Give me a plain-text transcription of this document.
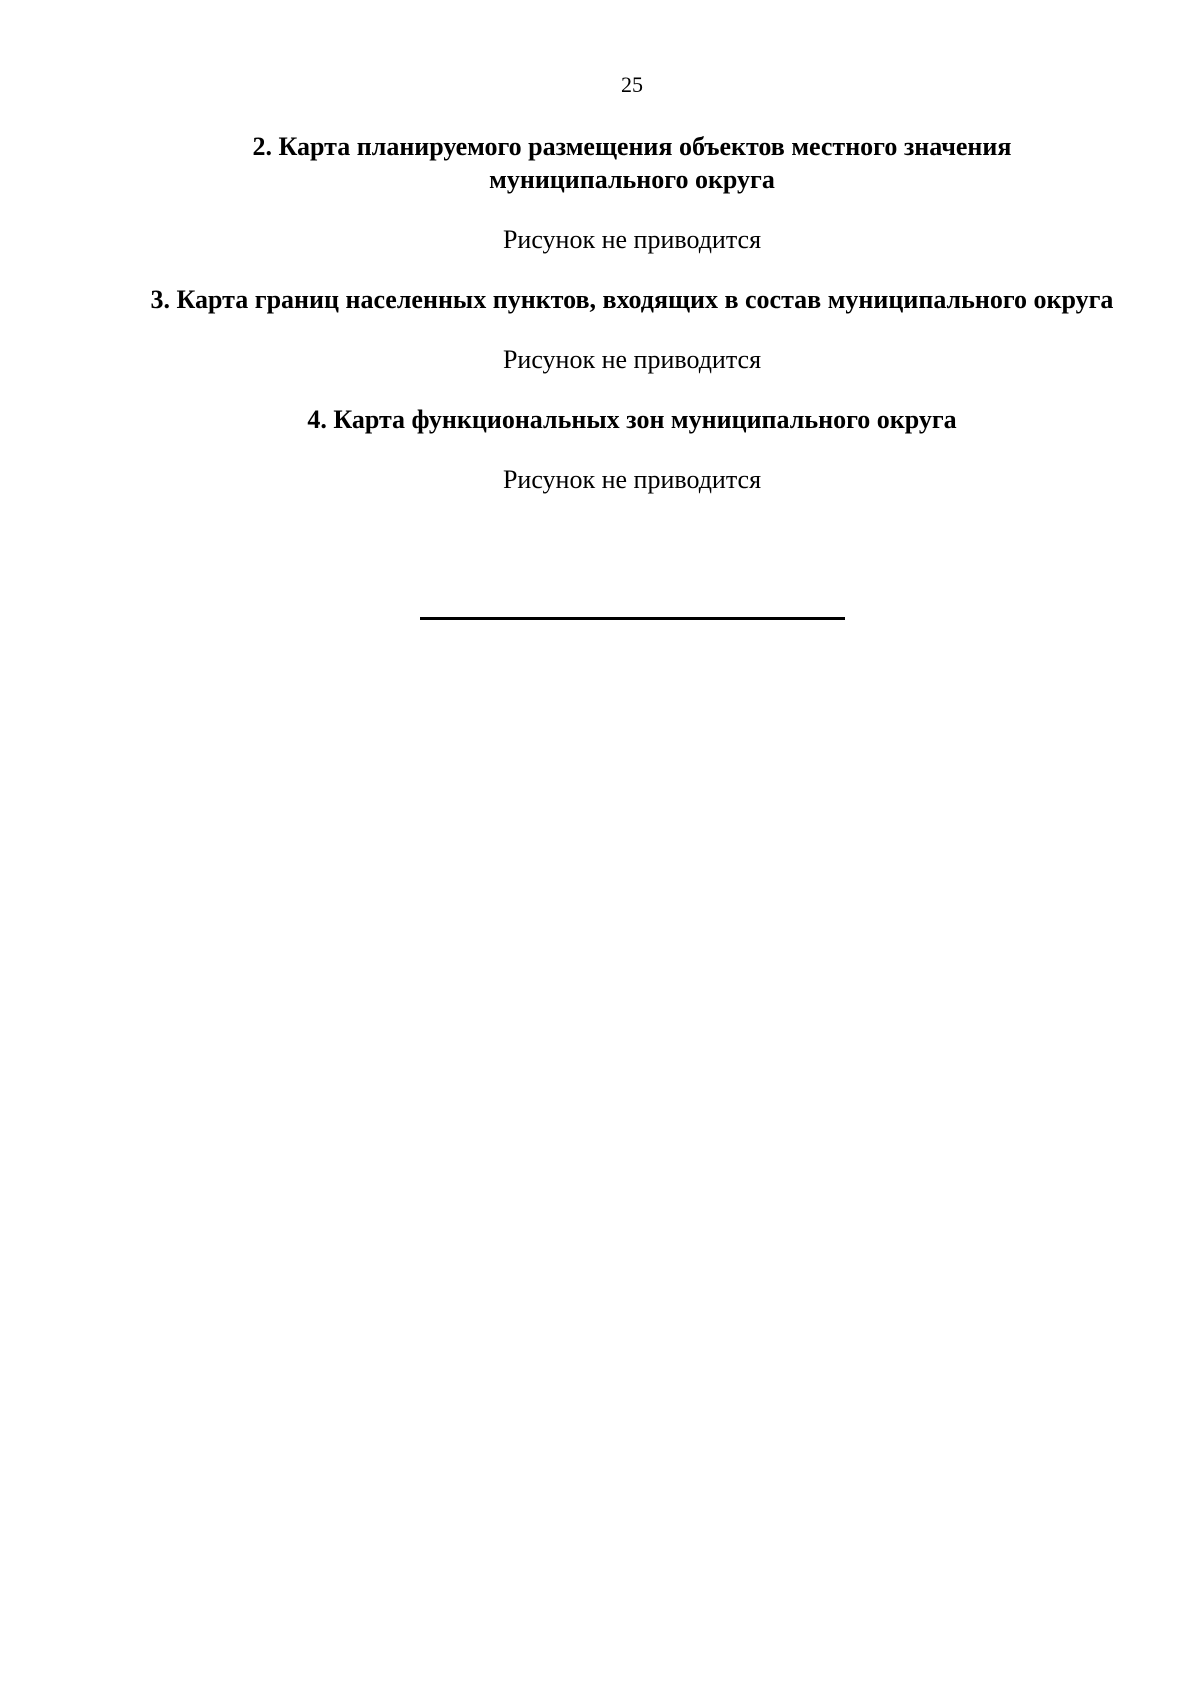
25
2. Карта планируемого размещения объектов местного значения муниципального округа

Рисунок не приводится

3. Карта границ населенных пунктов, входящих в состав муниципального округа

Рисунок не приводится

4. Карта функциональных зон муниципального округа

Рисунок не приводится
